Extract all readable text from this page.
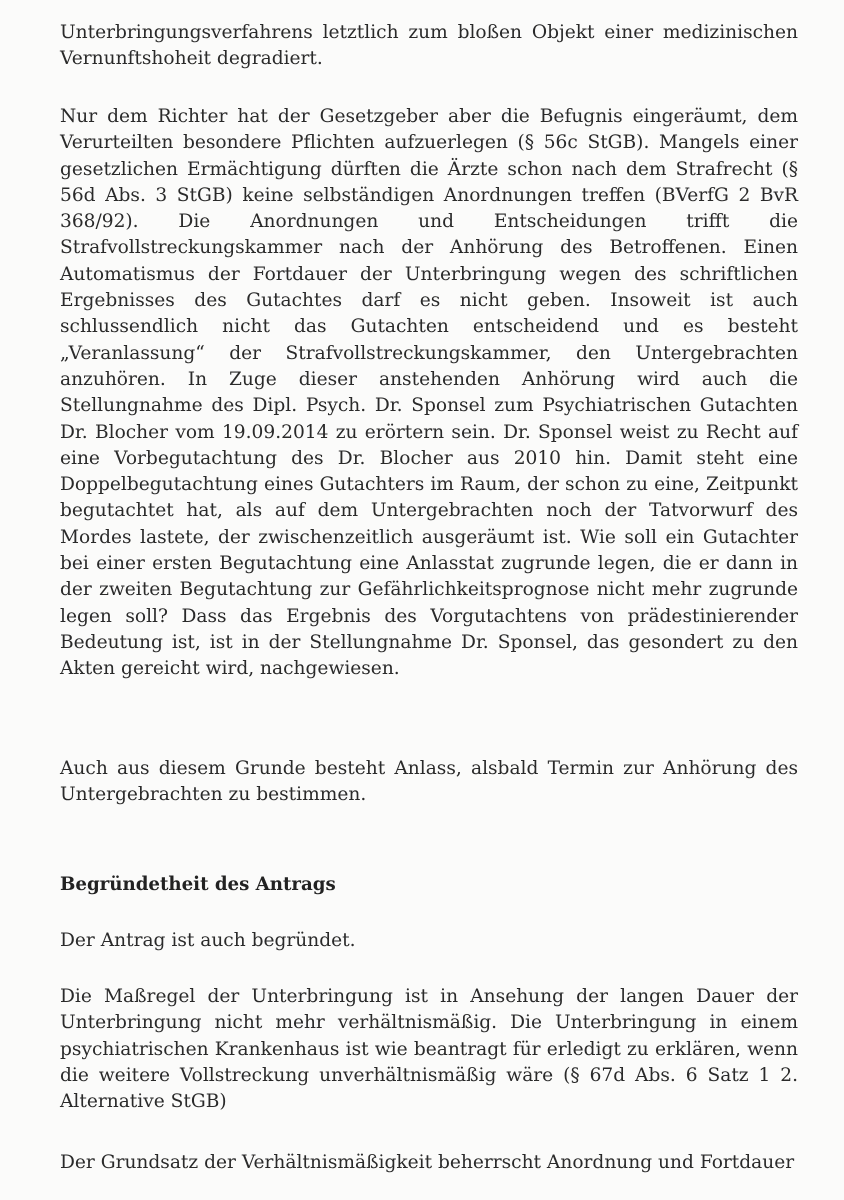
Unterbringungsverfahrens letztlich zum bloßen Objekt einer medizinischen Vernunftshoheit degradiert.

Nur dem Richter hat der Gesetzgeber aber die Befugnis eingeräumt, dem Verurteilten besondere Pflichten aufzuerlegen (§ 56c StGB). Mangels einer gesetzlichen Ermächtigung dürften die Ärzte schon nach dem Strafrecht (§ 56d Abs. 3 StGB) keine selbständigen Anordnungen treffen (BVerfG 2 BvR 368/92). Die Anordnungen und Entscheidungen trifft die Strafvollstreckungskammer nach der Anhörung des Betroffenen. Einen Automatismus der Fortdauer der Unterbringung wegen des schriftlichen Ergebnisses des Gutachtes darf es nicht geben. Insoweit ist auch schlussendlich nicht das Gutachten entscheidend und es besteht „Veranlassung“ der Strafvollstreckungskammer, den Untergebrachten anzuhören. In Zuge dieser anstehenden Anhörung wird auch die Stellungnahme des Dipl. Psych. Dr. Sponsel zum Psychiatrischen Gutachten Dr. Blocher vom 19.09.2014 zu erörtern sein. Dr. Sponsel weist zu Recht auf eine Vorbegutachtung des Dr. Blocher aus 2010 hin. Damit steht eine Doppelbegutachtung eines Gutachters im Raum, der schon zu eine, Zeitpunkt begutachtet hat, als auf dem Untergebrachten noch der Tatvorwurf des Mordes lastete, der zwischenzeitlich ausgeräumt ist. Wie soll ein Gutachter bei einer ersten Begutachtung eine Anlasstat zugrunde legen, die er dann in der zweiten Begutachtung zur Gefährlichkeitsprognose nicht mehr zugrunde legen soll? Dass das Ergebnis des Vorgutachtens von prädestinierender Bedeutung ist, ist in der Stellungnahme Dr. Sponsel, das gesondert zu den Akten gereicht wird, nachgewiesen.

Auch aus diesem Grunde besteht Anlass, alsbald Termin zur Anhörung des Untergebrachten zu bestimmen.

Begründetheit des Antrags

Der Antrag ist auch begründet.

Die Maßregel der Unterbringung ist in Ansehung der langen Dauer der Unterbringung nicht mehr verhältnismäßig. Die Unterbringung in einem psychiatrischen Krankenhaus ist wie beantragt für erledigt zu erklären, wenn die weitere Vollstreckung unverhältnismäßig wäre (§ 67d Abs. 6 Satz 1 2. Alternative StGB)

Der Grundsatz der Verhältnismäßigkeit beherrscht Anordnung und Fortdauer
